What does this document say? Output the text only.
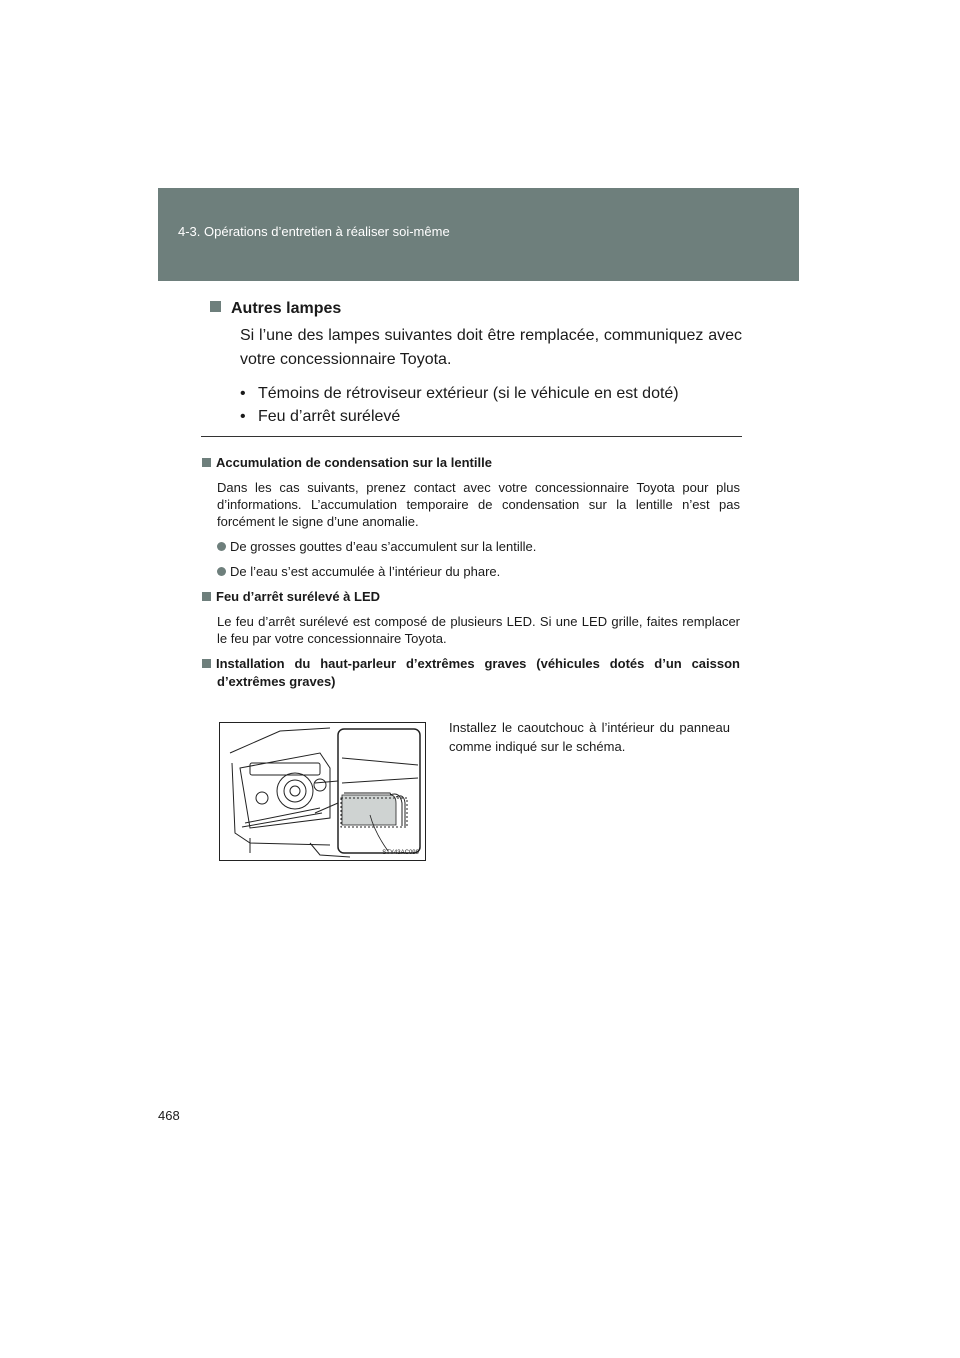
4-3. Opérations d’entretien à réaliser soi-même
Autres lampes
Si l’une des lampes suivantes doit être remplacée, communiquez avec votre concessionnaire Toyota.
• Témoins de rétroviseur extérieur (si le véhicule en est doté)
• Feu d’arrêt surélevé
Accumulation de condensation sur la lentille
Dans les cas suivants, prenez contact avec votre concessionnaire Toyota pour plus d’informations. L’accumulation temporaire de condensation sur la lentille n’est pas forcément le signe d’une anomalie.
De grosses gouttes d’eau s’accumulent sur la lentille.
De l’eau s’est accumulée à l’intérieur du phare.
Feu d’arrêt surélevé à LED
Le feu d’arrêt surélevé est composé de plusieurs LED. Si une LED grille, faites remplacer le feu par votre concessionnaire Toyota.
Installation du haut-parleur d’extrêmes graves (véhicules dotés d’un caisson d’extrêmes graves)
STY43AC099
Installez le caoutchouc à l’intérieur du panneau comme indiqué sur le schéma.
468
